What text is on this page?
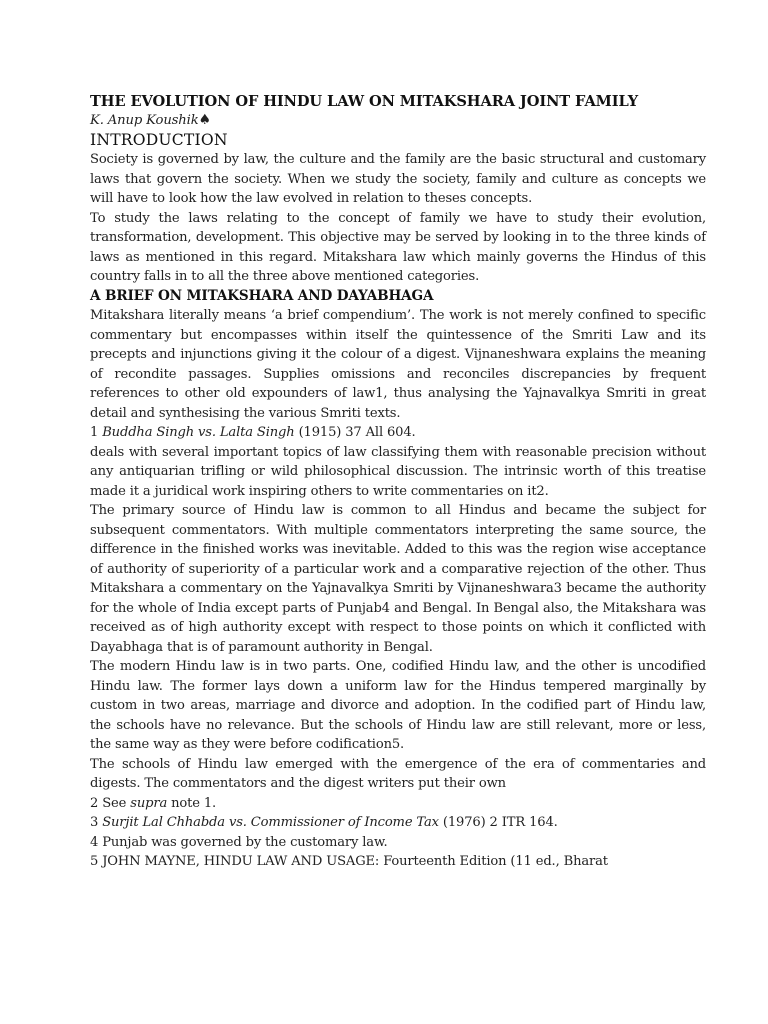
THE EVOLUTION OF HINDU LAW ON MITAKSHARA JOINT FAMILY

K. Anup Koushik♠

INTRODUCTION

Society is governed by law, the culture and the family are the basic structural and customary laws that govern the society. When we study the society, family and culture as concepts we will have to look how the law evolved in relation to theses concepts.

To study the laws relating to the concept of family we have to study their evolution, transformation, development. This objective may be served by looking in to the three kinds of laws as mentioned in this regard. Mitakshara law which mainly governs the Hindus of this country falls in to all the three above mentioned categories.

A BRIEF ON MITAKSHARA AND DAYABHAGA

Mitakshara literally means ‘a brief compendium’. The work is not merely confined to specific commentary but encompasses within itself the quintessence of the Smriti Law and its precepts and injunctions giving it the colour of a digest. Vijnaneshwara explains the meaning of recondite passages. Supplies omissions and reconciles discrepancies by frequent references to other old expounders of law1, thus analysing the Yajnavalkya Smriti in great detail and synthesising the various Smriti texts.

1 Buddha Singh vs. Lalta Singh (1915) 37 All 604.

deals with several important topics of law classifying them with reasonable precision without any antiquarian trifling or wild philosophical discussion. The intrinsic worth of this treatise made it a juridical work inspiring others to write commentaries on it2.

The primary source of Hindu law is common to all Hindus and became the subject for subsequent commentators. With multiple commentators interpreting the same source, the difference in the finished works was inevitable. Added to this was the region wise acceptance of authority of superiority of a particular work and a comparative rejection of the other. Thus Mitakshara a commentary on the Yajnavalkya Smriti by Vijnaneshwara3 became the authority for the whole of India except parts of Punjab4 and Bengal. In Bengal also, the Mitakshara was received as of high authority except with respect to those points on which it conflicted with Dayabhaga that is of paramount authority in Bengal.

The modern Hindu law is in two parts. One, codified Hindu law, and the other is uncodified Hindu law. The former lays down a uniform law for the Hindus tempered marginally by custom in two areas, marriage and divorce and adoption. In the codified part of Hindu law, the schools have no relevance. But the schools of Hindu law are still relevant, more or less, the same way as they were before codification5.

The schools of Hindu law emerged with the emergence of the era of commentaries and digests. The commentators and the digest writers put their own

2 See supra note 1.

3 Surjit Lal Chhabda vs. Commissioner of Income Tax (1976) 2 ITR 164.

4 Punjab was governed by the customary law.

5 JOHN MAYNE, HINDU LAW AND USAGE: Fourteenth Edition (11 ed., Bharat
